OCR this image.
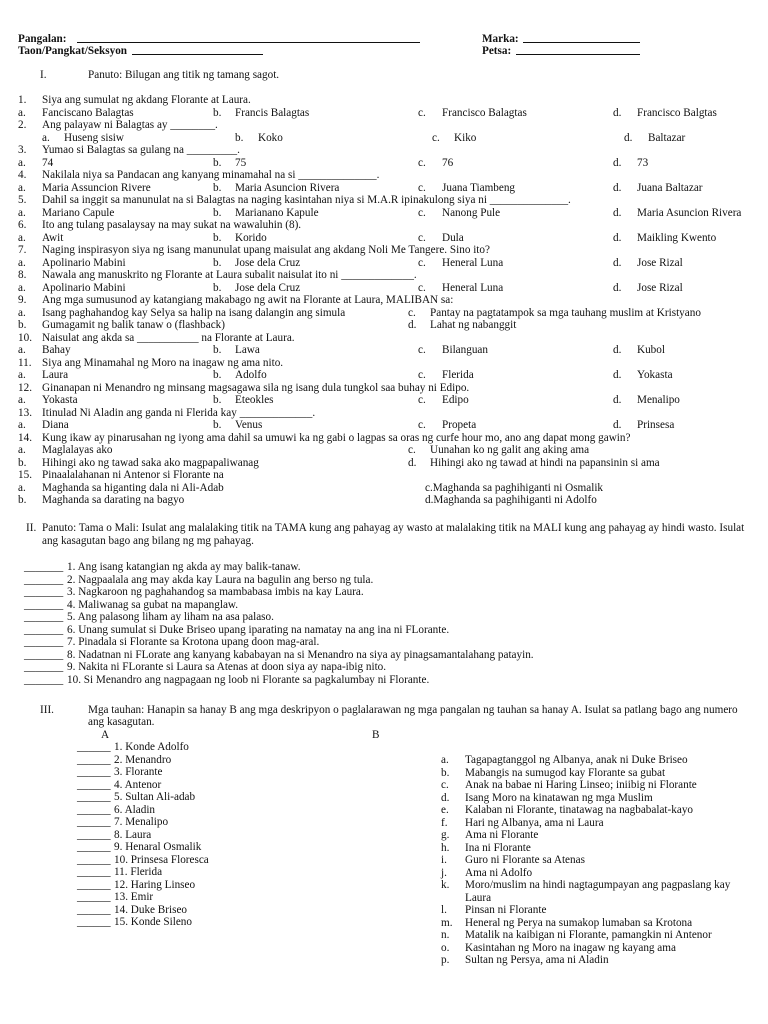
Pangalan:	Marka:
Taon/Pangkat/Seksyon	Petsa:
I.	Panuto: Bilugan ang titik ng tamang sagot.
1. Siya ang sumulat ng akdang Florante at Laura.
a. Fanciscano Balagtas	b. Francis Balagtas	c. Francisco Balagtas	d. Francisco Balgtas
2. Ang palayaw ni Balagtas ay ________.
a. Huseng sisiw	b. Koko	c. Kiko	d. Baltazar
3. Yumao si Balagtas sa gulang na _________.
a. 74	b. 75	c. 76	d. 73
4. Nakilala niya sa Pandacan ang kanyang minamahal na si ______________.
a. Maria Assuncion Rivere	b. Maria Asuncion Rivera	c. Juana Tiambeng	d. Juana Baltazar
5. Dahil sa inggit sa manunulat na si Balagtas na naging kasintahan niya si M.A.R ipinakulong siya ni ______________.
a. Mariano Capule	b. Marianano Kapule	c. Nanong Pule	d. Maria Asuncion Rivera
6. Ito ang tulang pasalaysay na may sukat na wawaluhin (8).
a. Awit	b. Korido	c. Dula	d. Maikling Kwento
7. Naging inspirasyon siya ng isang manunulat upang maisulat ang akdang Noli Me Tangere. Sino ito?
a. Apolinario Mabini	b. Jose dela Cruz	c. Heneral Luna	d. Jose Rizal
8. Nawala ang manuskrito ng Florante at Laura subalit naisulat ito ni _____________.
a. Apolinario Mabini	b. Jose dela Cruz	c. Heneral Luna	d. Jose Rizal
9. Ang mga sumusunod ay katangiang makabago ng awit na Florante at Laura, MALIBAN sa:
a. Isang paghahandog kay Selya sa halip na isang dalangin ang simula	c. Pantay na pagtatampok sa mga tauhang muslim at Kristyano
b. Gumagamit ng balik tanaw o (flashback)	d. Lahat ng nabanggit
10. Naisulat ang akda sa ___________ na Florante at Laura.
a. Bahay	b. Lawa	c. Bilanguan	d. Kubol
11. Siya ang Minamahal ng Moro na inagaw ng ama nito.
a. Laura	b. Adolfo	c. Flerida	d. Yokasta
12. Ginanapan ni Menandro ng minsang magsagawa sila ng isang dula tungkol saa buhay ni Edipo.
a. Yokasta	b. Eteokles	c. Edipo	d. Menalipo
13. Itinulad Ni Aladin ang ganda ni Flerida kay _____________.
a. Diana	b. Venus	c. Propeta	d. Prinsesa
14. Kung ikaw ay pinarusahan ng iyong ama dahil sa umuwi ka ng gabi o lagpas sa oras ng curfe hour mo, ano ang dapat mong gawin?
a. Maglalayas ako	c. Uunahan ko ng galit ang aking ama
b. Hihingi ako ng tawad saka ako magpapaliwanag	d. Hihingi ako ng tawad at hindi na papansinin si ama
15. Pinaalalahanan ni Antenor si Florante na
a. Maghanda sa higanting dala ni Ali-Adab	c.Maghanda sa paghihiganti ni Osmalik
b. Maghanda sa darating na bagyo	d.Maghanda sa paghihiganti ni Adolfo
II. Panuto: Tama o Mali: Isulat ang malalaking titik na TAMA kung ang pahayag ay wasto at malalaking titik na MALI kung ang pahayag ay hindi wasto. Isulat ang kasagutan bago ang bilang ng mg pahayag.
_______ 1. Ang isang katangian ng akda ay may balik-tanaw.
_______ 2. Nagpaalala ang may akda kay Laura na bagulin ang berso ng tula.
_______ 3. Nagkaroon ng paghahandog sa mambabasa imbis na kay Laura.
_______ 4. Maliwanag sa gubat na mapanglaw.
_______ 5. Ang palasong liham ay liham na asa palaso.
_______ 6. Unang sumulat si Duke Briseo upang iparating na namatay na ang ina ni FLorante.
_______ 7. Pinadala si Florante sa Krotona upang doon mag-aral.
_______ 8. Nadatnan ni FLorate ang kanyang kababayan na si Menandro na siya ay pinagsamantalahang patayin.
_______ 9. Nakita ni FLorante si Laura sa Atenas at doon siya ay napa-ibig nito.
_______ 10. Si Menandro ang nagpagaan ng loob ni Florante sa pagkalumbay ni Florante.
III.	Mga tauhan: Hanapin sa hanay B ang mga deskripyon o paglalarawan ng mga pangalan ng tauhan sa hanay A. Isulat sa patlang bago ang numero ang kasagutan.
A	B
______ 1. Konde Adolfo
______ 2. Menandro
______ 3. Florante
______ 4. Antenor
______ 5. Sultan Ali-adab
______ 6. Aladin
______ 7. Menalipo
______ 8. Laura
______ 9. Henaral Osmalik
______ 10. Prinsesa Floresca
______ 11. Flerida
______ 12. Haring Linseo
______ 13. Emir
______ 14. Duke Briseo
______ 15. Konde Sileno
a. Tagapagtanggol ng Albanya, anak ni Duke Briseo
b. Mabangis na sumugod kay Florante sa gubat
c. Anak na babae ni Haring Linseo; iniibig ni Florante
d. Isang Moro na kinatawan ng mga Muslim
e. Kalaban ni Florante, tinatawag na nagbabalat-kayo
f. Hari ng Albanya, ama ni Laura
g. Ama ni Florante
h. Ina ni Florante
i. Guro ni Florante sa Atenas
j. Ama ni Adolfo
k. Moro/muslim na hindi nagtagumpayan ang pagpaslang kay Laura
l. Pinsan ni Florante
m. Heneral ng Perya na sumakop lumaban sa Krotona
n. Matalik na kaibigan ni Florante, pamangkin ni Antenor
o. Kasintahan ng Moro na inagaw ng kayang ama
p. Sultan ng Persya, ama ni Aladin
